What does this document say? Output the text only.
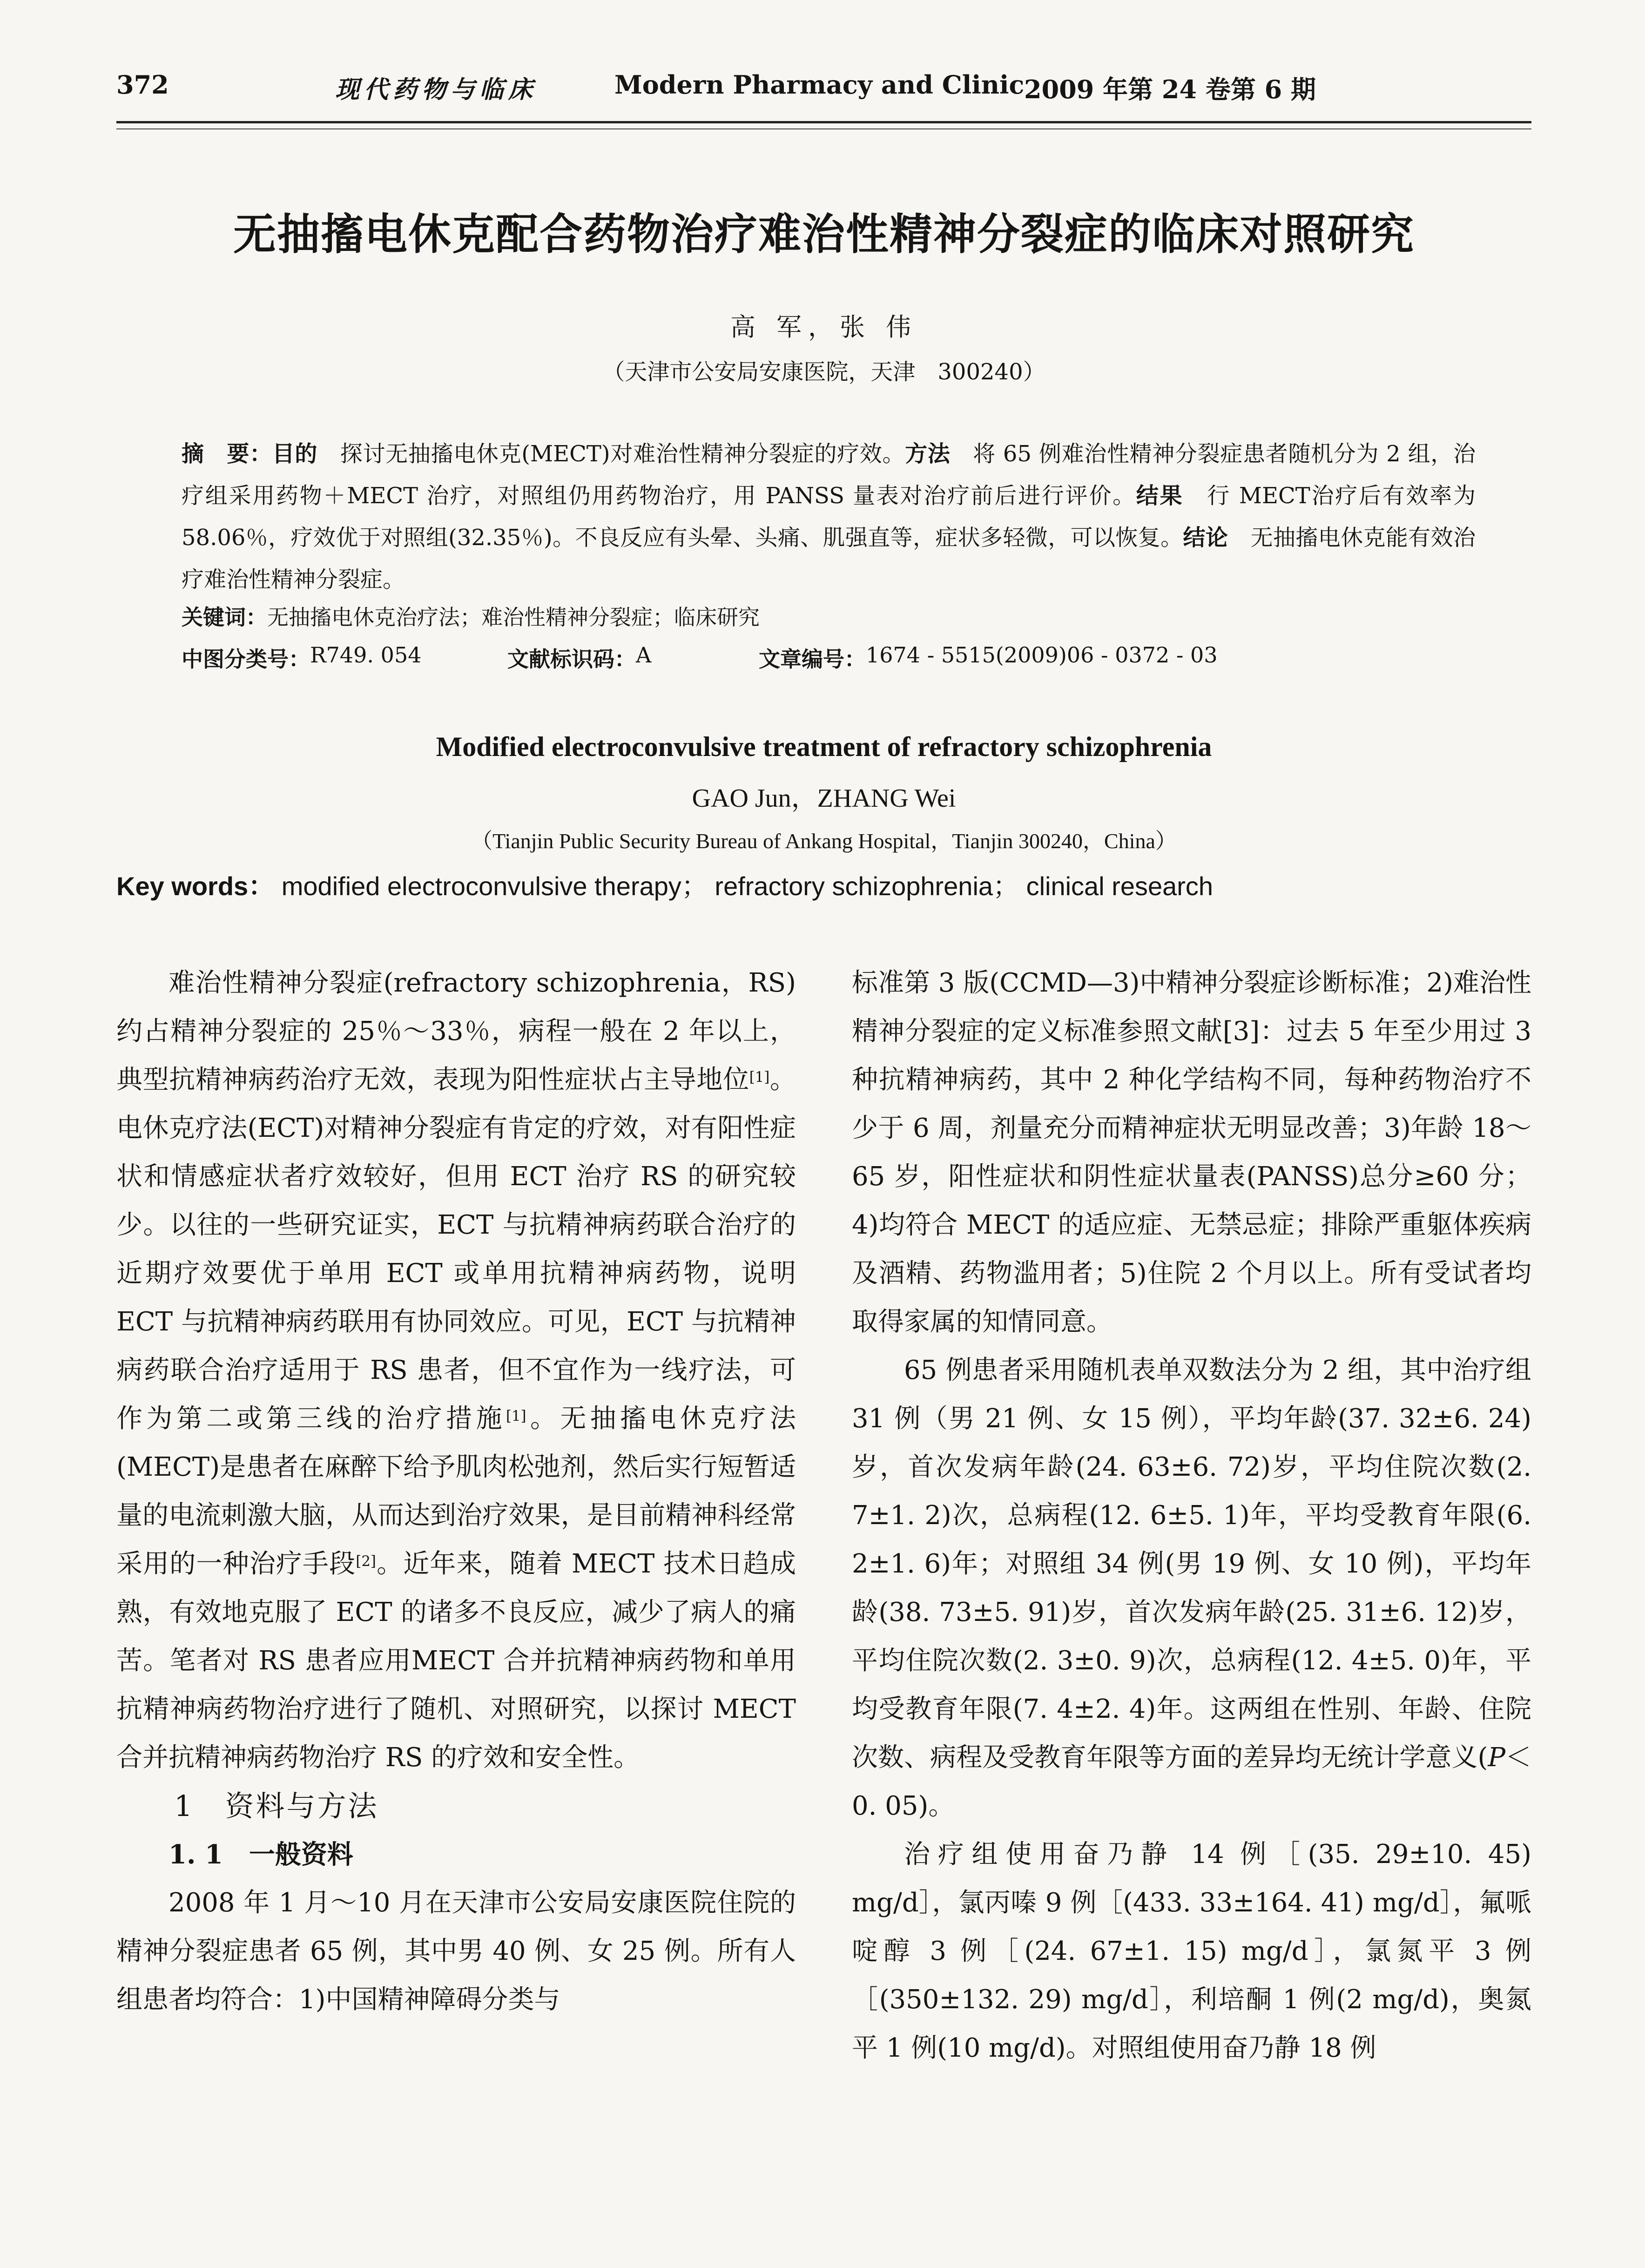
372	现代药物与临床	Modern Pharmacy and Clinic 2009 年第 24 卷第 6 期
无抽搐电休克配合药物治疗难治性精神分裂症的临床对照研究
高 军，张 伟
（天津市公安局安康医院，天津　300240）
摘　要：目的　探讨无抽搐电休克(MECT)对难治性精神分裂症的疗效。方法　将 65 例难治性精神分裂症患者随机分为 2 组，治疗组采用药物＋MECT 治疗，对照组仍用药物治疗，用 PANSS 量表对治疗前后进行评价。结果　行 MECT治疗后有效率为 58.06％，疗效优于对照组(32.35％)。不良反应有头晕、头痛、肌强直等，症状多轻微，可以恢复。结论　无抽搐电休克能有效治疗难治性精神分裂症。
关键词：无抽搐电休克治疗法；难治性精神分裂症；临床研究
中图分类号： R749. 054	文献标识码： A	文章编号： 1674 - 5515(2009)06 - 0372 - 03
Modified electroconvulsive treatment of refractory schizophrenia
GAO Jun，ZHANG Wei
（Tianjin Public Security Bureau of Ankang Hospital，Tianjin 300240，China）
Key words： modified electroconvulsive therapy； refractory schizophrenia； clinical research

难治性精神分裂症(refractory schizophrenia，RS)约占精神分裂症的 25％～33％，病程一般在 2 年以上，典型抗精神病药治疗无效，表现为阳性症状占主导地位[1]。电休克疗法(ECT)对精神分裂症有肯定的疗效，对有阳性症状和情感症状者疗效较好，但用 ECT 治疗 RS 的研究较少。以往的一些研究证实，ECT 与抗精神病药联合治疗的近期疗效要优于单用 ECT 或单用抗精神病药物，说明 ECT 与抗精神病药联用有协同效应。可见，ECT 与抗精神病药联合治疗适用于 RS 患者，但不宜作为一线疗法，可作为第二或第三线的治疗措施[1]。无抽搐电休克疗法(MECT)是患者在麻醉下给予肌肉松弛剂，然后实行短暂适量的电流刺激大脑，从而达到治疗效果，是目前精神科经常采用的一种治疗手段[2]。近年来，随着 MECT 技术日趋成熟，有效地克服了 ECT 的诸多不良反应，减少了病人的痛苦。笔者对 RS 患者应用MECT 合并抗精神病药物和单用抗精神病药物治疗进行了随机、对照研究，以探讨 MECT 合并抗精神病药物治疗 RS 的疗效和安全性。

1　资料与方法

1. 1　一般资料

2008 年 1 月～10 月在天津市公安局安康医院住院的精神分裂症患者 65 例，其中男 40 例、女 25 例。所有人组患者均符合：1)中国精神障碍分类与

标准第 3 版(CCMD—3)中精神分裂症诊断标准；2)难治性精神分裂症的定义标准参照文献[3]：过去 5 年至少用过 3 种抗精神病药，其中 2 种化学结构不同，每种药物治疗不少于 6 周，剂量充分而精神症状无明显改善；3)年龄 18～65 岁，阳性症状和阴性症状量表(PANSS)总分≥60 分；4)均符合 MECT 的适应症、无禁忌症；排除严重躯体疾病及酒精、药物滥用者；5)住院 2 个月以上。所有受试者均取得家属的知情同意。

65 例患者采用随机表单双数法分为 2 组，其中治疗组 31 例（男 21 例、女 15 例），平均年龄(37. 32±6. 24)岁，首次发病年龄(24. 63±6. 72)岁，平均住院次数(2. 7±1. 2)次，总病程(12. 6±5. 1)年，平均受教育年限(6. 2±1. 6)年；对照组 34 例(男 19 例、女 10 例)，平均年龄(38. 73±5. 91)岁，首次发病年龄(25. 31±6. 12)岁，平均住院次数(2. 3±0. 9)次，总病程(12. 4±5. 0)年，平均受教育年限(7. 4±2. 4)年。这两组在性别、年龄、住院次数、病程及受教育年限等方面的差异均无统计学意义(P＜0. 05)。

治疗组使用奋乃静 14 例［(35. 29±10. 45) mg/d］，氯丙嗪 9 例［(433. 33±164. 41) mg/d］，氟哌啶醇 3 例［(24. 67±1. 15) mg/d］，氯氮平 3 例［(350±132. 29) mg/d］，利培酮 1 例(2 mg/d)，奥氮平 1 例(10 mg/d)。对照组使用奋乃静 18 例
